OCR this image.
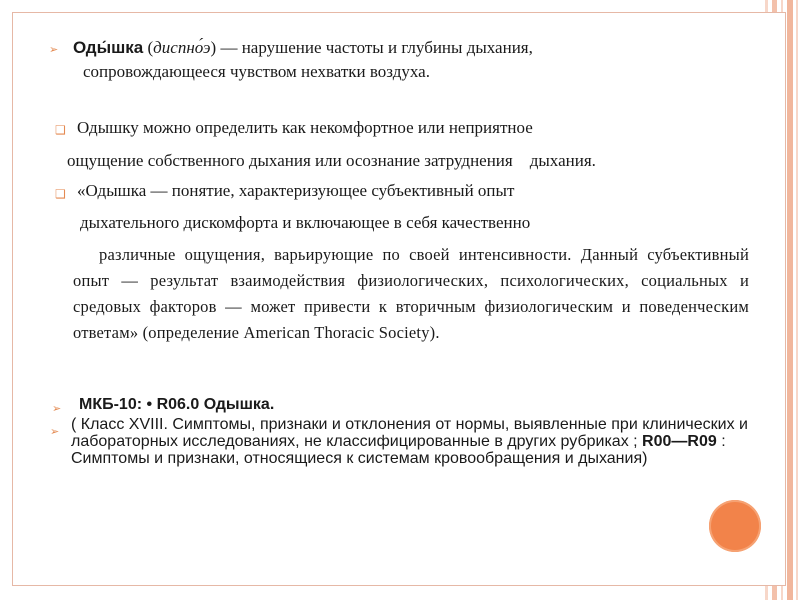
➢ Оды́шка (диспно́э) — нарушение частоты и глубины дыхания,
сопровождающееся чувством нехватки воздуха.
❑ Одышку можно определить как некомфортное или неприятное
ощущение собственного дыхания или осознание затруднения    дыхания.
❑ «Одышка — понятие, характеризующее субъективный опыт
дыхательного дискомфорта и включающее в себя качественно
различные ощущения, варьирующие по своей интенсивности. Данный субъективный опыт — результат взаимодействия физиологических, психологических, социальных и средовых факторов — может привести к вторичным физиологическим и поведенческим ответам» (определение American Thoracic Society).
➢ МКБ-10: • R06.0 Одышка.
➢ ( Класс XVIII. Симптомы, признаки и отклонения от нормы, выявленные при клинических и лабораторных исследованиях, не классифицированные в других рубриках ; R00—R09 : Симптомы и признаки, относящиеся к системам кровообращения и дыхания)
